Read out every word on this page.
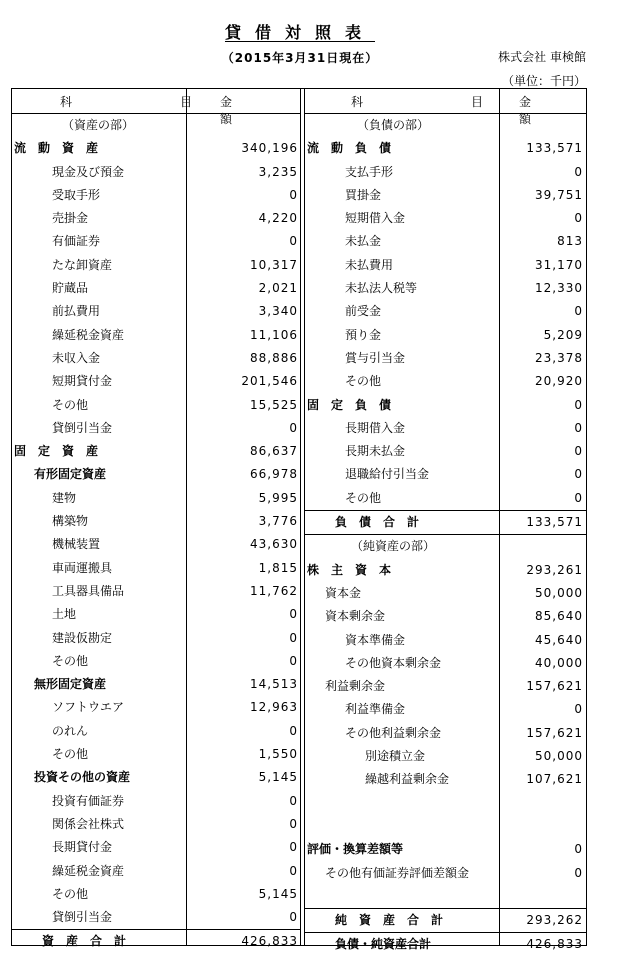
貸借対照表
（2015年3月31日現在）	株式会社 車検館
（単位：千円）
科　　目 金　　額
（資産の部）
流　動　資　産	340,196
現金及び預金	3,235
受取手形	0
売掛金	4,220
有価証券	0
たな卸資産	10,317
貯蔵品	2,021
前払費用	3,340
繰延税金資産	11,106
未収入金	88,886
短期貸付金	201,546
その他	15,525
貸倒引当金	0
固　定　資　産	86,637
有形固定資産	66,978
建物	5,995
構築物	3,776
機械装置	43,630
車両運搬具	1,815
工具器具備品	11,762
土地	0
建設仮勘定	0
その他	0
無形固定資産	14,513
ソフトウエア	12,963
のれん	0
その他	1,550
投資その他の資産	5,145
投資有価証券	0
関係会社株式	0
長期貸付金	0
繰延税金資産	0
その他	5,145
貸倒引当金	0
資　産　合　計	426,833
科　　目 金　　額
（負債の部）
流　動　負　債	133,571
支払手形	0
買掛金	39,751
短期借入金	0
未払金	813
未払費用	31,170
未払法人税等	12,330
前受金	0
預り金	5,209
賞与引当金	23,378
その他	20,920
固　定　負　債	0
長期借入金	0
長期未払金	0
退職給付引当金	0
その他	0
負　債　合　計	133,571
（純資産の部）
株　主　資　本	293,261
資本金	50,000
資本剰余金	85,640
資本準備金	45,640
その他資本剰余金	40,000
利益剰余金	157,621
利益準備金	0
その他利益剰余金	157,621
別途積立金	50,000
繰越利益剰余金	107,621
評価・換算差額等	0
その他有価証券評価差額金	0
純　資　産　合　計	293,262
負債・純資産合計	426,833
